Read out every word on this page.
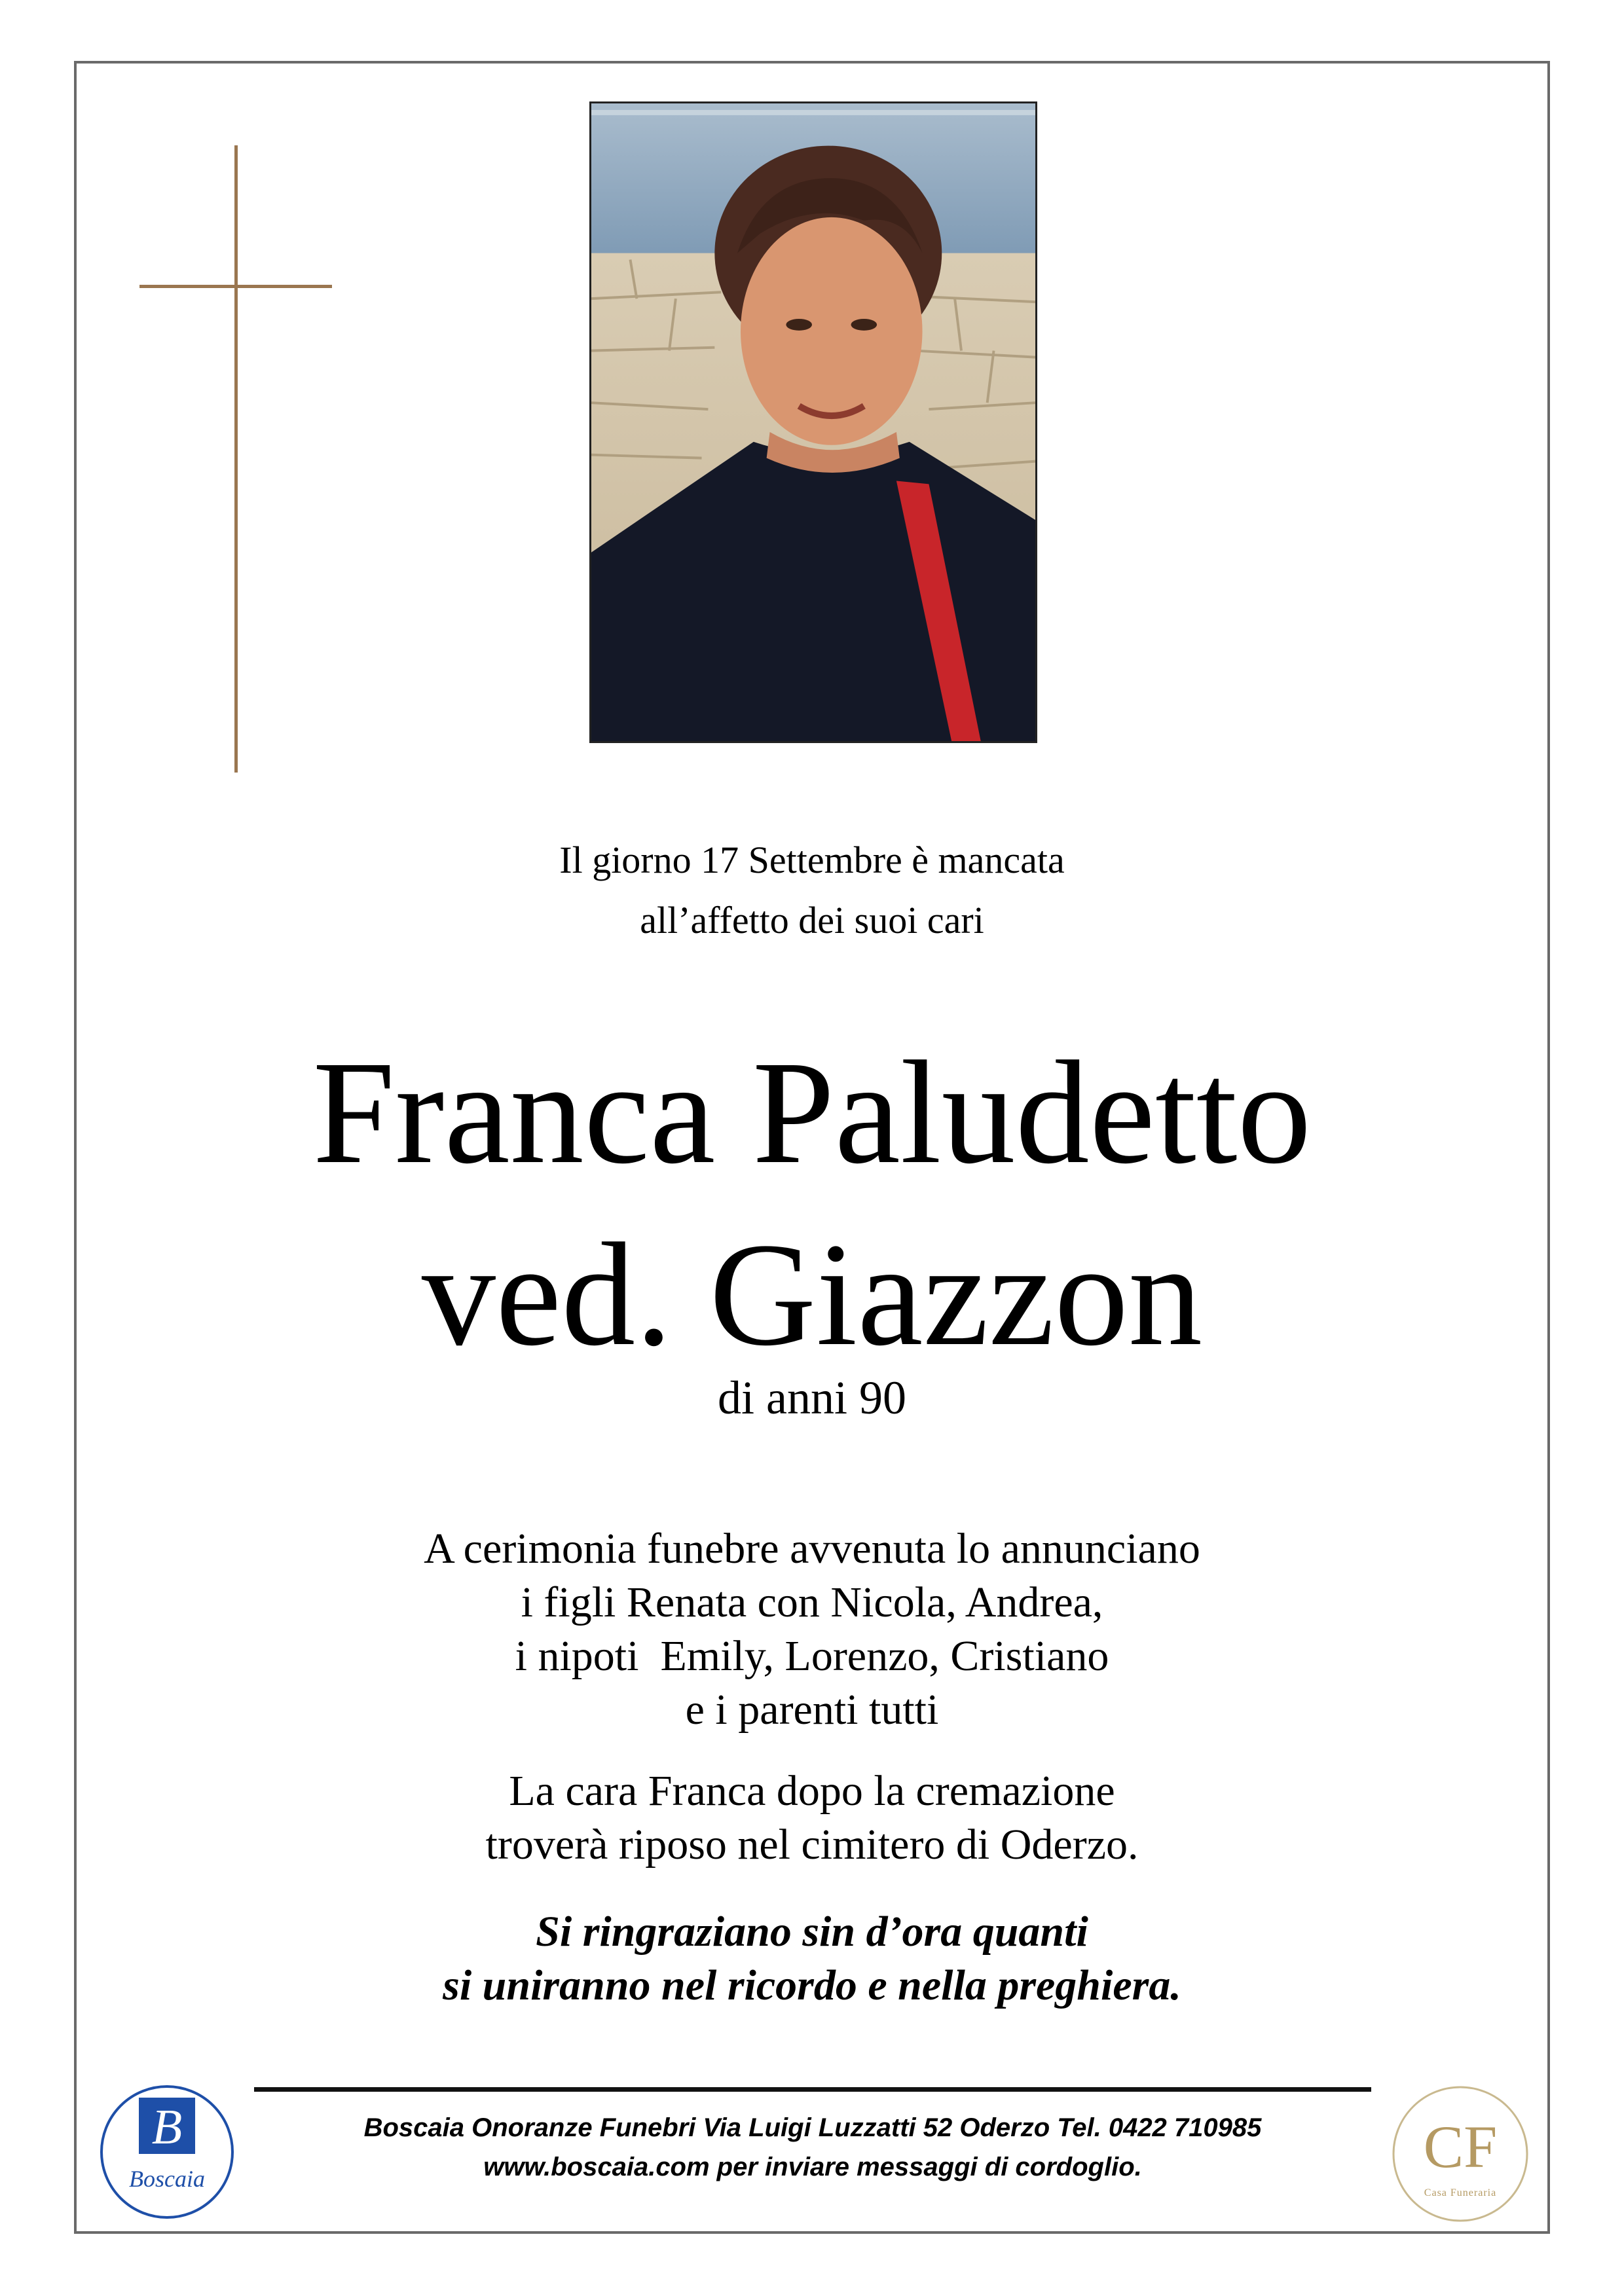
Il giorno 17 Settembre è mancata
all’affetto dei suoi cari
Franca Paludetto
ved. Giazzon
di anni 90
A cerimonia funebre avvenuta lo annunciano
i figli Renata con Nicola, Andrea,
i nipoti  Emily, Lorenzo, Cristiano
e i parenti tutti
La cara Franca dopo la cremazione
troverà riposo nel cimitero di Oderzo.
Si ringraziano sin d’ora quanti
si uniranno nel ricordo e nella preghiera.
Boscaia Onoranze Funebri Via Luigi Luzzatti 52 Oderzo Tel. 0422 710985
www.boscaia.com per inviare messaggi di cordoglio.
B
Boscaia	CF
Casa Funeraria
